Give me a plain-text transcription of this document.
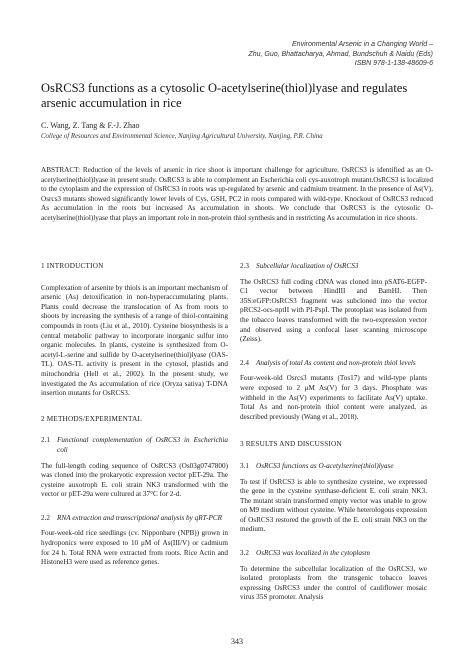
Environmental Arsenic in a Changing World –
Zhu, Guo, Bhattacharya, Ahmad, Bundschuh & Naidu (Eds)
ISBN 978-1-138-48609-6
OsRCS3 functions as a cytosolic O-acetylserine(thiol)lyase and regulates arsenic accumulation in rice
C. Wang, Z. Tang & F.-J. Zhao
College of Resources and Environmental Science, Nanjing Agricultural University, Nanjing, P.R. China
ABSTRACT: Reduction of the levels of arsenic in rice shoot is important challenge for agriculture. OsRCS3 is identified as an O-acetylserine(thiol)lyase in present study. OsRCS3 is able to complement an Escherichia coli cys-auxotroph mutant.OsRCS3 is localized to the cytoplasm and the expression of OsRCS3 in roots was up-regulated by arsenic and cadmium treatment. In the presence of As(V), Osrcs3 mutants showed significantly lower levels of Cys, GSH, PC2 in roots compared with wild-type. Knockout of OsRCS3 reduced As accumulation in the roots but increased As accumulation in shoots. We conclude that OsRCS3 is the cytosolic O-acetylserine(thiol)lyase that plays an important role in non-protein thiol synthesis and in restricting As accumulation in rice shoots.
1 INTRODUCTION

Complexation of arsenite by thiols is an important mechanism of arsenic (As) detoxification in non-hyperaccumulating plants. Plants could decrease the translocation of As from roots to shoots by increasing the synthesis of a range of thiol-containing compounds in roots (Liu et al., 2010). Cysteine biosynthesis is a central metabolic pathway to incorporate inorganic sulfur into organic molecules. In plants, cysteine is synthesized from O-acetyl-L-serine and sulfide by O-acetylserine(thiol)lyase (OAS-TL). OAS-TL activity is present in the cytosol, plastids and mitochondria (Hell et al., 2002). In the present study, we investigated the As accumulation of rice (Oryza sativa) T-DNA insertion mutants for OsRCS3.

2 METHODS/EXPERIMENTAL
2.1 Functional complementation of OsRCS3 in Escherichia coli

The full-length coding sequence of OsRCS3 (Os03g0747800) was cloned into the prokaryotic expression vector pET-29a. The cysteine auxotroph E. coli strain NK3 transformed with the vector or pET-29a were cultured at 37°C for 2-d.

2.2 RNA extraction and transcriptional analysis by qRT-PCR

Four-week-old rice seedlings (cv. Nipponbare (NPB)) grown in hydroponics were exposed to 10 μM of As(III/V) or cadmium for 24 h. Total RNA were extracted from roots. Rice Actin and HistoneH3 were used as reference genes.

2.3 Subcellular localization of OsRCS3

The OsRCS3 full coding cDNA was cloned into pSAT6-EGFP-C1 vector between HindIII and BamHI. Then 35S:eGFP:OsRCS3 fragment was subcloned into the vector pRCS2-ocs-nptII with PI-PspI. The protoplast was isolated from the tobacco leaves transformed with the two-expression vector and observed using a confocal laser scanning microscope (Zeiss).

2.4 Analysis of total As content and non-protein thiol levels

Four-week-old Osrcs3 mutants (Tos17) and wild-type plants were exposed to 2 μM As(V) for 3 days. Phosphate was withheld in the As(V) experiments to facilitate As(V) uptake. Total As and non-protein thiol content were analyzed, as described previously (Wang et al., 2018).

3 RESULTS AND DISCUSSION
3.1 OsRCS3 functions as O-acetylserine(thiol)lyase

To test if OsRCS3 is able to synthesize cysteine, we expressed the gene in the cysteine synthase-deficient E. coli strain NK3. The mutant strain transformed empty vector was unable to grow on M9 medium without cysteine. While heterologous expression of OsRCS3 restored the growth of the E. coli strain NK3 on the medium.

3.2 OsRCS3 was localized in the cytoplasm

To determine the subcellular localization of the OsRCS3, we isolated protoplasts from the transgenic tobacco leaves expressing OsRCS3 under the control of cauliflower mosaic virus 35S promoter. Analysis

343
